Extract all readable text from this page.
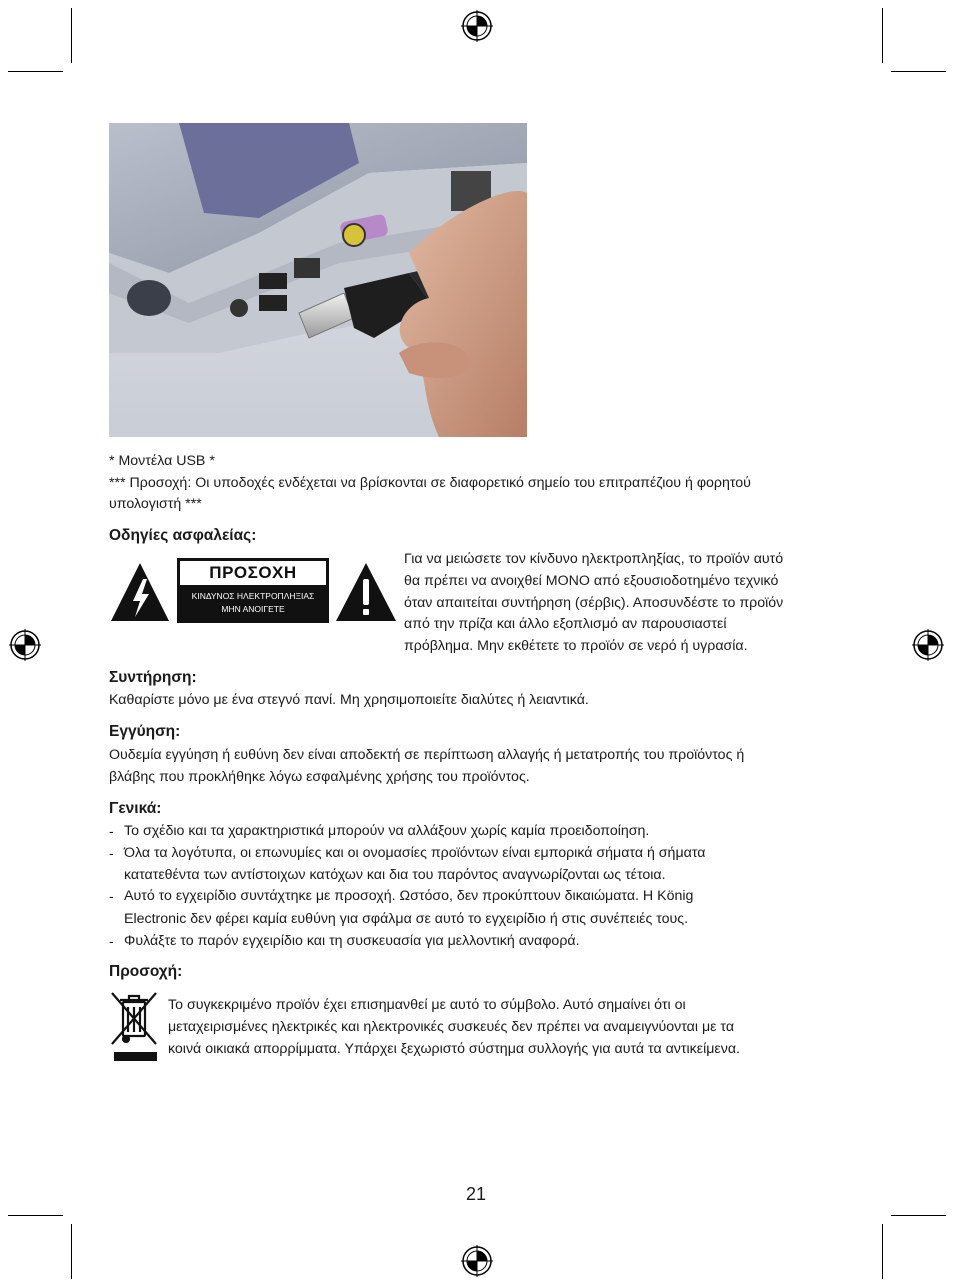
* Μοντέλα USB *
*** Προσοχή: Οι υποδοχές ενδέχεται να βρίσκονται σε διαφορετικό σημείο του επιτραπέζιου ή φορητού
υπολογιστή ***
Οδηγίες ασφαλείας:
ΠΡΟΣΟΧΗ
ΚΙΝΔΥΝΟΣ ΗΛΕΚΤΡΟΠΛΗΞΙΑΣ
ΜΗΝ ΑΝΟΙΓΕΤΕ
Για να μειώσετε τον κίνδυνο ηλεκτροπληξίας, το προϊόν αυτό
θα πρέπει να ανοιχθεί ΜΟΝΟ από εξουσιοδοτημένο τεχνικό
όταν απαιτείται συντήρηση (σέρβις). Αποσυνδέστε το προϊόν
από την πρίζα και άλλο εξοπλισμό αν παρουσιαστεί
πρόβλημα. Μην εκθέτετε το προϊόν σε νερό ή υγρασία.
Συντήρηση:
Καθαρίστε μόνο με ένα στεγνό πανί. Μη χρησιμοποιείτε διαλύτες ή λειαντικά.
Εγγύηση:
Ουδεμία εγγύηση ή ευθύνη δεν είναι αποδεκτή σε περίπτωση αλλαγής ή μετατροπής του προϊόντος ή
βλάβης που προκλήθηκε λόγω εσφαλμένης χρήσης του προϊόντος.
Γενικά:
- Το σχέδιο και τα χαρακτηριστικά μπορούν να αλλάξουν χωρίς καμία προειδοποίηση.
- Όλα τα λογότυπα, οι επωνυμίες και οι ονομασίες προϊόντων είναι εμπορικά σήματα ή σήματα
κατατεθέντα των αντίστοιχων κατόχων και δια του παρόντος αναγνωρίζονται ως τέτοια.
- Αυτό το εγχειρίδιο συντάχτηκε με προσοχή. Ωστόσο, δεν προκύπτουν δικαιώματα. Η König
Electronic δεν φέρει καμία ευθύνη για σφάλμα σε αυτό το εγχειρίδιο ή στις συνέπειές τους.
- Φυλάξτε το παρόν εγχειρίδιο και τη συσκευασία για μελλοντική αναφορά.
Προσοχή:
Το συγκεκριμένο προϊόν έχει επισημανθεί με αυτό το σύμβολο. Αυτό σημαίνει ότι οι
μεταχειρισμένες ηλεκτρικές και ηλεκτρονικές συσκευές δεν πρέπει να αναμειγνύονται με τα
κοινά οικιακά απορρίμματα. Υπάρχει ξεχωριστό σύστημα συλλογής για αυτά τα αντικείμενα.
21
